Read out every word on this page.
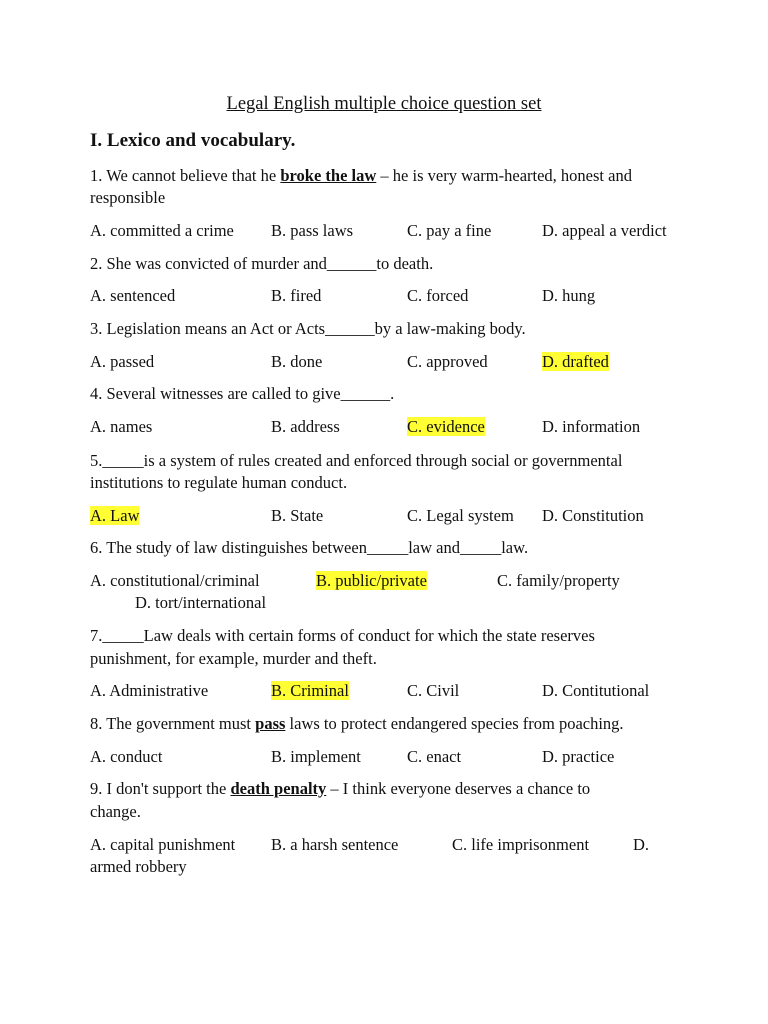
Legal English multiple choice question set
I. Lexico and vocabulary.
1. We cannot believe that he broke the law – he is very warm-hearted, honest and
responsible
A. committed a crime B. pass laws	C. pay a fine	D. appeal a verdict
2. She was convicted of murder and______to death.
A. sentenced	B. fired	C. forced	D. hung
3. Legislation means an Act or Acts______by a law-making body.
A. passed	B. done	C. approved	D. drafted
4. Several witnesses are called to give______.
A. names	B. address	C. evidence	D. information
5._____is a system of rules created and enforced through social or governmental
institutions to regulate human conduct.
A. Law	B. State	C. Legal system D. Constitution
6. The study of law distinguishes between_____law and_____law.
A. constitutional/criminal	B. public/private	C. family/property
D. tort/international
7._____Law deals with certain forms of conduct for which the state reserves
punishment, for example, murder and theft.
A. Administrative	B. Criminal	C. Civil	D. Contitutional
8. The government must pass laws to protect endangered species from poaching.
A. conduct	B. implement	C. enact	D. practice
9. I don't support the death penalty – I think everyone deserves a chance to
change.
A. capital punishment B. a harsh sentence	C. life imprisonment	D.
armed robbery
